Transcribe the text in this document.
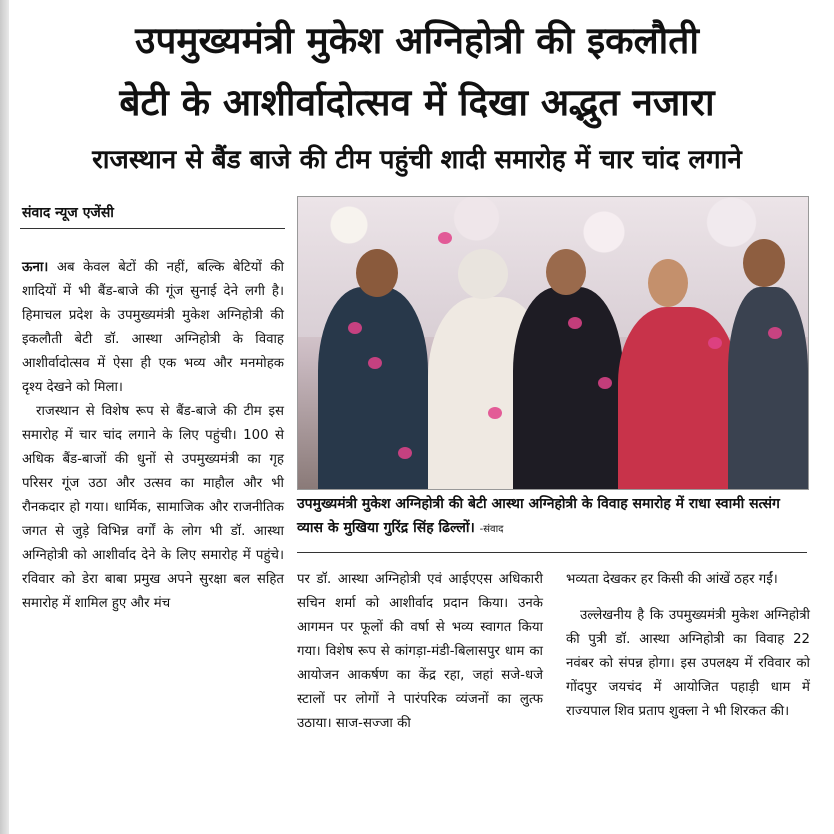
उपमुख्यमंत्री मुकेश अग्निहोत्री की इकलौती
बेटी के आशीर्वादोत्सव में दिखा अद्भुत नजारा
राजस्थान से बैंड बाजे की टीम पहुंची शादी समारोह में चार चांद लगाने
संवाद न्यूज एजेंसी

ऊना। अब केवल बेटों की नहीं, बल्कि बेटियों की शादियों में भी बैंड-बाजे की गूंज सुनाई देने लगी है। हिमाचल प्रदेश के उपमुख्यमंत्री मुकेश अग्निहोत्री की इकलौती बेटी डॉ. आस्था अग्निहोत्री के विवाह आशीर्वादोत्सव में ऐसा ही एक भव्य और मनमोहक दृश्य देखने को मिला।

राजस्थान से विशेष रूप से बैंड-बाजे की टीम इस समारोह में चार चांद लगाने के लिए पहुंची। 100 से अधिक बैंड-बाजों की धुनों से उपमुख्यमंत्री का गृह परिसर गूंज उठा और उत्सव का माहौल और भी रौनकदार हो गया। धार्मिक, सामाजिक और राजनीतिक जगत से जुड़े विभिन्न वर्गों के लोग भी डॉ. आस्था अग्निहोत्री को आशीर्वाद देने के लिए समारोह में पहुंचे। रविवार को डेरा बाबा प्रमुख अपने सुरक्षा बल सहित समारोह में शामिल हुए और मंच

उपमुख्यमंत्री मुकेश अग्निहोत्री की बेटी आस्था अग्निहोत्री के विवाह समारोह में राधा स्वामी सत्संग व्यास के मुखिया गुरिंद्र सिंह ढिल्लों। -संवाद

पर डॉ. आस्था अग्निहोत्री एवं आईएएस अधिकारी सचिन शर्मा को आशीर्वाद प्रदान किया। उनके आगमन पर फूलों की वर्षा से भव्य स्वागत किया गया। विशेष रूप से कांगड़ा-मंडी-बिलासपुर धाम का आयोजन आकर्षण का केंद्र रहा, जहां सजे-धजे स्टालों पर लोगों ने पारंपरिक व्यंजनों का लुत्फ उठाया। साज-सज्जा की

भव्यता देखकर हर किसी की आंखें ठहर गईं।

उल्लेखनीय है कि उपमुख्यमंत्री मुकेश अग्निहोत्री की पुत्री डॉ. आस्था अग्निहोत्री का विवाह 22 नवंबर को संपन्न होगा। इस उपलक्ष्य में रविवार को गोंदपुर जयचंद में आयोजित पहाड़ी धाम में राज्यपाल शिव प्रताप शुक्ला ने भी शिरकत की।
